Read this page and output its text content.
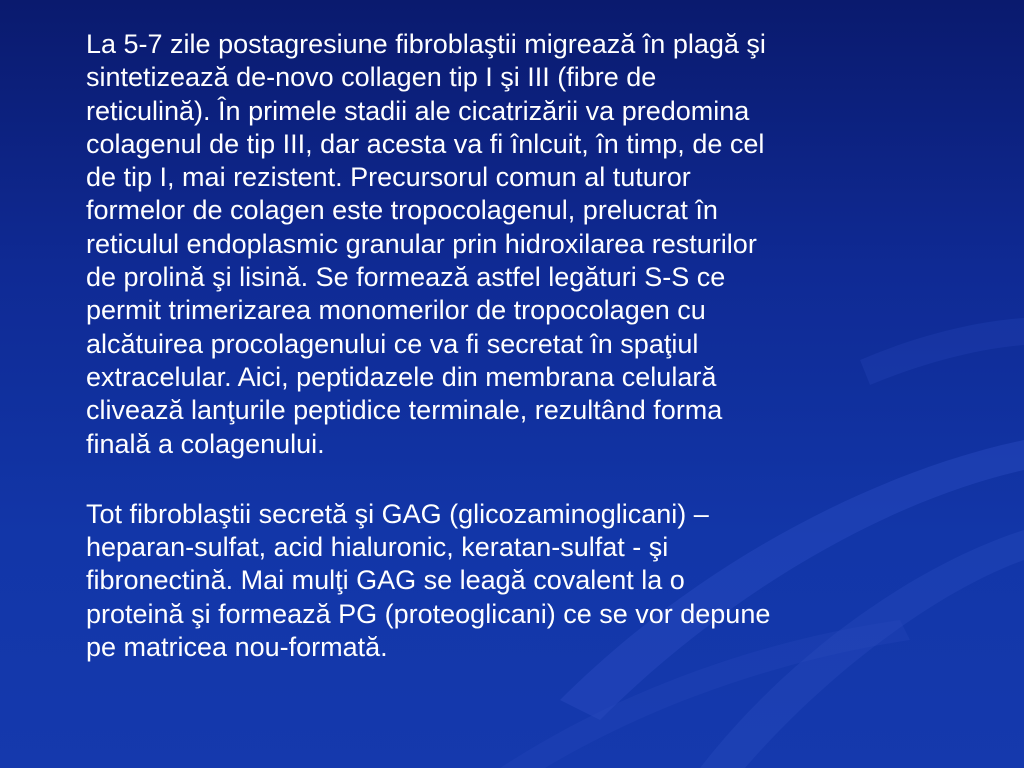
La 5-7 zile postagresiune fibroblaştii migrează în plagă şi
sintetizează de-novo collagen tip I şi III (fibre de
reticulină). În primele stadii ale cicatrizării va predomina
colagenul de tip III, dar acesta va fi înlcuit, în timp, de cel
de tip I, mai rezistent. Precursorul comun al tuturor
formelor de colagen este tropocolagenul, prelucrat în
reticulul endoplasmic granular prin hidroxilarea resturilor
de prolină şi lisină. Se formează astfel legături S-S ce
permit trimerizarea monomerilor de tropocolagen cu
alcătuirea procolagenului ce va fi secretat în spaţiul
extracelular. Aici, peptidazele din membrana celulară
clivează lanţurile peptidice terminale, rezultând forma
finală a colagenului.

Tot fibroblaştii secretă şi GAG (glicozaminoglicani) –
heparan-sulfat, acid hialuronic, keratan-sulfat - şi
fibronectină. Mai mulţi GAG se leagă covalent la o
proteină şi formează PG (proteoglicani) ce se vor depune
pe matricea nou-formată.
